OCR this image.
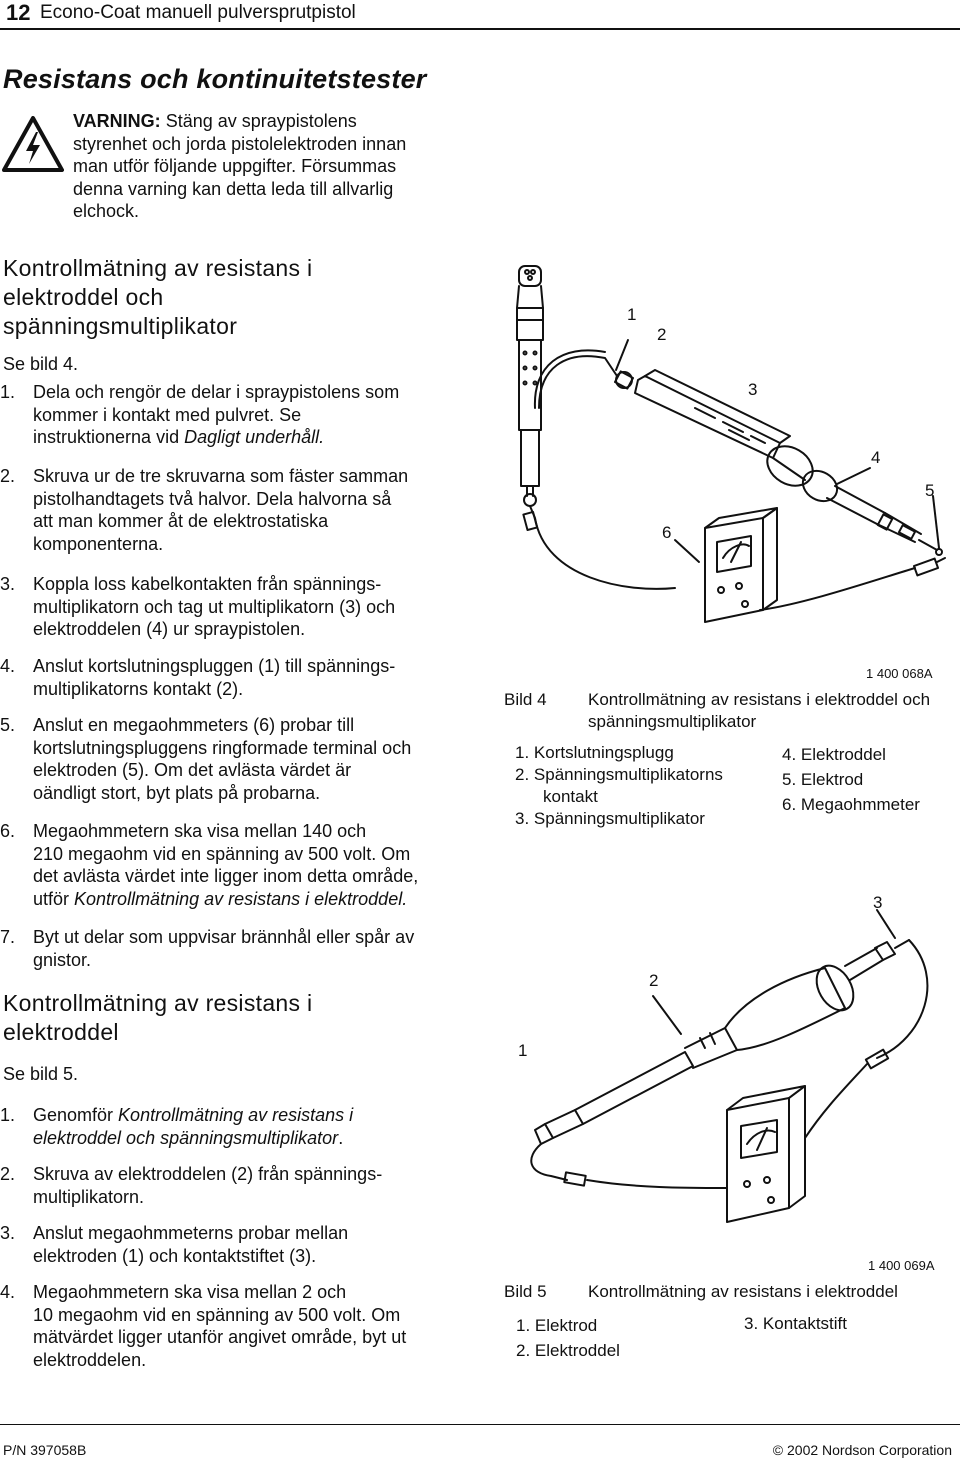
12 Econo-Coat manuell pulversprutpistol
Resistans och kontinuitetstester
VARNING: Stäng av spraypistolens
styrenhet och jorda pistolelektroden innan
man utför följande uppgifter. Försummas
denna varning kan detta leda till allvarlig
elchock.
Kontrollmätning av resistans i
elektroddel och
spänningsmultiplikator
Se bild 4.
1. Dela och rengör de delar i spraypistolens som
kommer i kontakt med pulvret. Se
instruktionerna vid Dagligt underhåll.
2. Skruva ur de tre skruvarna som fäster samman
pistolhandtagets två halvor. Dela halvorna så
att man kommer åt de elektrostatiska
komponenterna.
3. Koppla loss kabelkontakten från spännings-
multiplikatorn och tag ut multiplikatorn (3) och
elektroddelen (4) ur spraypistolen.
4. Anslut kortslutningspluggen (1) till spännings-
multiplikatorns kontakt (2).
5. Anslut en megaohmmeters (6) probar till
kortslutningspluggens ringformade terminal och
elektroden (5). Om det avlästa värdet är
oändligt stort, byt plats på probarna.
6. Megaohmmetern ska visa mellan 140 och
210 megaohm vid en spänning av 500 volt. Om
det avlästa värdet inte ligger inom detta område,
utför Kontrollmätning av resistans i elektroddel.
7. Byt ut delar som uppvisar brännhål eller spår av
gnistor.
Kontrollmätning av resistans i
elektroddel
Se bild 5.
1. Genomför Kontrollmätning av resistans i
elektroddel och spänningsmultiplikator.
2. Skruva av elektroddelen (2) från spännings-
multiplikatorn.
3. Anslut megaohmmeterns probar mellan
elektroden (1) och kontaktstiftet (3).
4. Megaohmmetern ska visa mellan 2 och
10 megaohm vid en spänning av 500 volt. Om
mätvärdet ligger utanför angivet område, byt ut
elektroddelen.
1
2
3
4
5
6
1 400 068A
Bild 4 Kontrollmätning av resistans i elektroddel och
spänningsmultiplikator
1. Kortslutningsplugg
2. Spänningsmultiplikatorns
kontakt
3. Spänningsmultiplikator
4. Elektroddel
5. Elektrod
6. Megaohmmeter
1
2
3
1 400 069A
Bild 5 Kontrollmätning av resistans i elektroddel
1. Elektrod
2. Elektroddel
3. Kontaktstift
P/N 397058B	© 2002 Nordson Corporation
